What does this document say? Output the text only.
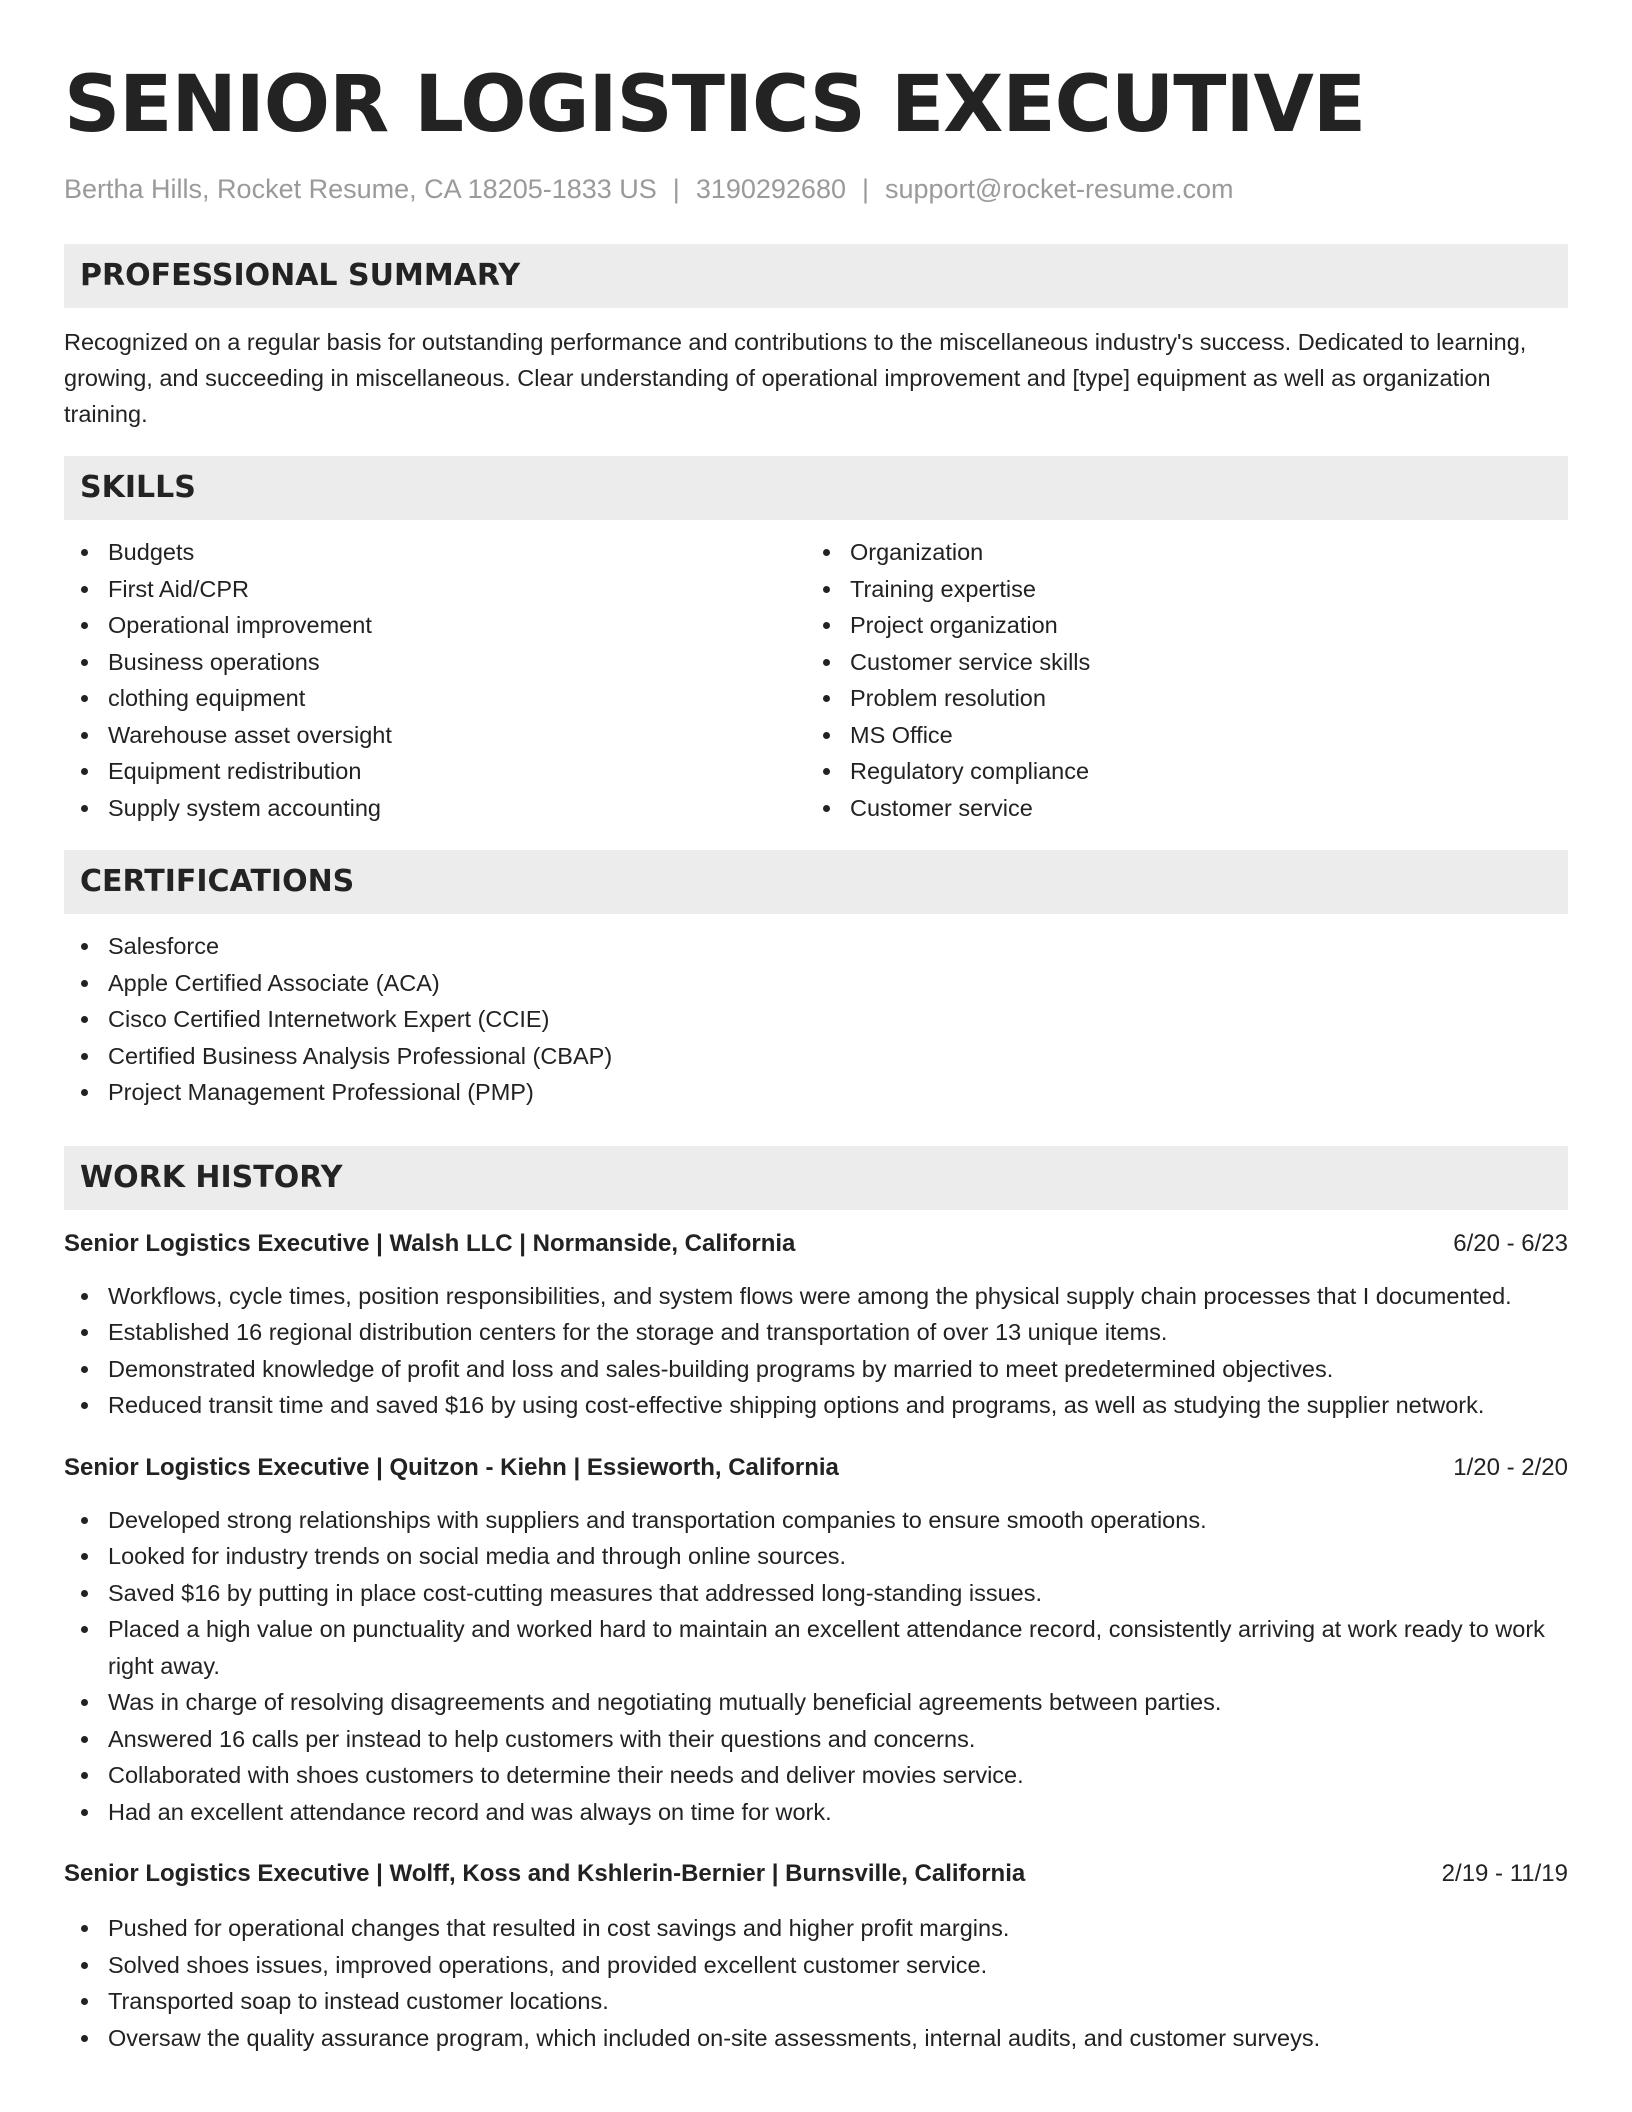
SENIOR LOGISTICS EXECUTIVE
Bertha Hills, Rocket Resume, CA 18205-1833 US | 3190292680 | support@rocket-resume.com
PROFESSIONAL SUMMARY

Recognized on a regular basis for outstanding performance and contributions to the miscellaneous industry's success. Dedicated to learning, growing, and succeeding in miscellaneous. Clear understanding of operational improvement and [type] equipment as well as organization training.

SKILLS
Budgets
First Aid/CPR
Operational improvement
Business operations
clothing equipment
Warehouse asset oversight
Equipment redistribution
Supply system accounting
Organization
Training expertise
Project organization
Customer service skills
Problem resolution
MS Office
Regulatory compliance
Customer service
CERTIFICATIONS
Salesforce
Apple Certified Associate (ACA)
Cisco Certified Internetwork Expert (CCIE)
Certified Business Analysis Professional (CBAP)
Project Management Professional (PMP)
WORK HISTORY
Senior Logistics Executive | Walsh LLC | Normanside, California	6/20 - 6/23
Workflows, cycle times, position responsibilities, and system flows were among the physical supply chain processes that I documented.
Established 16 regional distribution centers for the storage and transportation of over 13 unique items.
Demonstrated knowledge of profit and loss and sales-building programs by married to meet predetermined objectives.
Reduced transit time and saved $16 by using cost-effective shipping options and programs, as well as studying the supplier network.
Senior Logistics Executive | Quitzon - Kiehn | Essieworth, California	1/20 - 2/20
Developed strong relationships with suppliers and transportation companies to ensure smooth operations.
Looked for industry trends on social media and through online sources.
Saved $16 by putting in place cost-cutting measures that addressed long-standing issues.
Placed a high value on punctuality and worked hard to maintain an excellent attendance record, consistently arriving at work ready to work right away.
Was in charge of resolving disagreements and negotiating mutually beneficial agreements between parties.
Answered 16 calls per instead to help customers with their questions and concerns.
Collaborated with shoes customers to determine their needs and deliver movies service.
Had an excellent attendance record and was always on time for work.
Senior Logistics Executive | Wolff, Koss and Kshlerin-Bernier | Burnsville, California	2/19 - 11/19
Pushed for operational changes that resulted in cost savings and higher profit margins.
Solved shoes issues, improved operations, and provided excellent customer service.
Transported soap to instead customer locations.
Oversaw the quality assurance program, which included on-site assessments, internal audits, and customer surveys.
